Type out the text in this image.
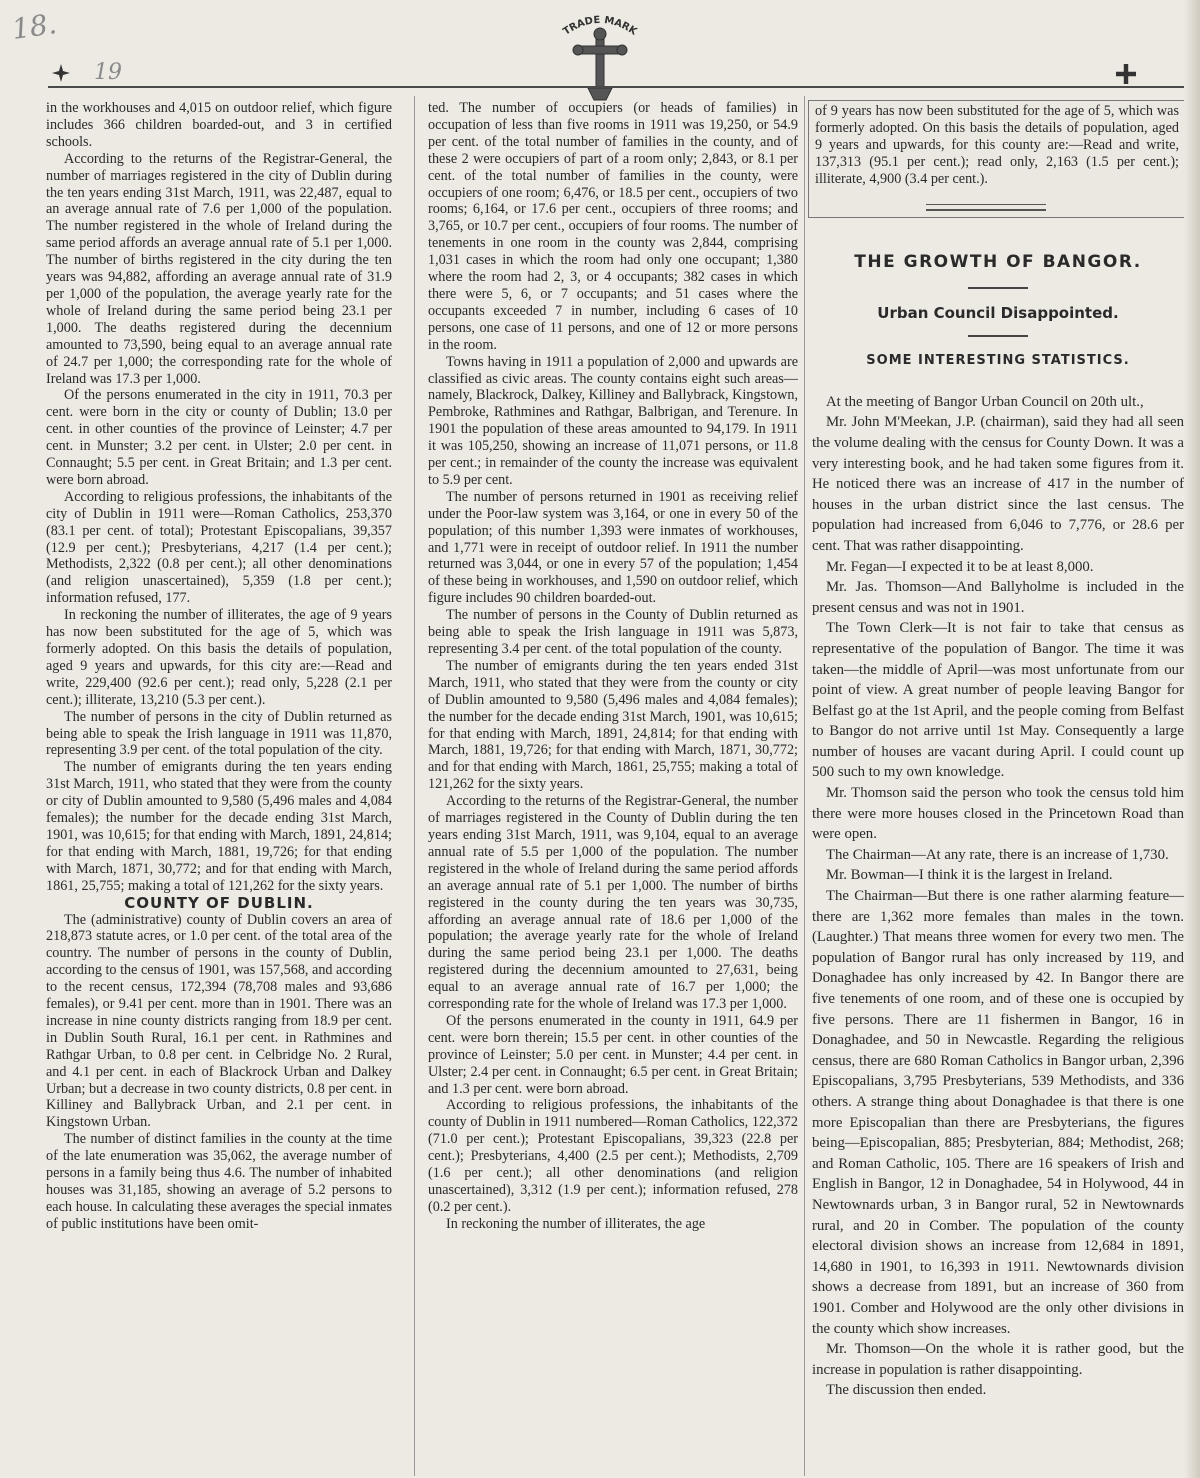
18.
19
TRADE MARK

in the workhouses and 4,015 on outdoor relief, which figure includes 366 children boarded-out, and 3 in certified schools.

According to the returns of the Registrar-General, the number of marriages registered in the city of Dublin during the ten years ending 31st March, 1911, was 22,487, equal to an average annual rate of 7.6 per 1,000 of the population. The number registered in the whole of Ireland during the same period affords an average annual rate of 5.1 per 1,000. The number of births registered in the city during the ten years was 94,882, affording an average annual rate of 31.9 per 1,000 of the population, the average yearly rate for the whole of Ireland during the same period being 23.1 per 1,000. The deaths registered during the decennium amounted to 73,590, being equal to an average annual rate of 24.7 per 1,000; the corresponding rate for the whole of Ireland was 17.3 per 1,000.

Of the persons enumerated in the city in 1911, 70.3 per cent. were born in the city or county of Dublin; 13.0 per cent. in other counties of the province of Leinster; 4.7 per cent. in Munster; 3.2 per cent. in Ulster; 2.0 per cent. in Connaught; 5.5 per cent. in Great Britain; and 1.3 per cent. were born abroad.

According to religious professions, the inhabitants of the city of Dublin in 1911 were—Roman Catholics, 253,370 (83.1 per cent. of total); Protestant Episcopalians, 39,357 (12.9 per cent.); Presbyterians, 4,217 (1.4 per cent.); Methodists, 2,322 (0.8 per cent.); all other denominations (and religion unascertained), 5,359 (1.8 per cent.); information refused, 177.

In reckoning the number of illiterates, the age of 9 years has now been substituted for the age of 5, which was formerly adopted. On this basis the details of population, aged 9 years and upwards, for this city are:—Read and write, 229,400 (92.6 per cent.); read only, 5,228 (2.1 per cent.); illiterate, 13,210 (5.3 per cent.).

The number of persons in the city of Dublin returned as being able to speak the Irish language in 1911 was 11,870, representing 3.9 per cent. of the total population of the city.

The number of emigrants during the ten years ending 31st March, 1911, who stated that they were from the county or city of Dublin amounted to 9,580 (5,496 males and 4,084 females); the number for the decade ending 31st March, 1901, was 10,615; for that ending with March, 1891, 24,814; for that ending with March, 1881, 19,726; for that ending with March, 1871, 30,772; and for that ending with March, 1861, 25,755; making a total of 121,262 for the sixty years.

COUNTY OF DUBLIN.

The (administrative) county of Dublin covers an area of 218,873 statute acres, or 1.0 per cent. of the total area of the country. The number of persons in the county of Dublin, according to the census of 1901, was 157,568, and according to the recent census, 172,394 (78,708 males and 93,686 females), or 9.41 per cent. more than in 1901. There was an increase in nine county districts ranging from 18.9 per cent. in Dublin South Rural, 16.1 per cent. in Rathmines and Rathgar Urban, to 0.8 per cent. in Celbridge No. 2 Rural, and 4.1 per cent. in each of Blackrock Urban and Dalkey Urban; but a decrease in two county districts, 0.8 per cent. in Killiney and Ballybrack Urban, and 2.1 per cent. in Kingstown Urban.

The number of distinct families in the county at the time of the late enumeration was 35,062, the average number of persons in a family being thus 4.6. The number of inhabited houses was 31,185, showing an average of 5.2 persons to each house. In calculating these averages the special inmates of public institutions have been omit-

ted. The number of occupiers (or heads of families) in occupation of less than five rooms in 1911 was 19,250, or 54.9 per cent. of the total number of families in the county, and of these 2 were occupiers of part of a room only; 2,843, or 8.1 per cent. of the total number of families in the county, were occupiers of one room; 6,476, or 18.5 per cent., occupiers of two rooms; 6,164, or 17.6 per cent., occupiers of three rooms; and 3,765, or 10.7 per cent., occupiers of four rooms. The number of tenements in one room in the county was 2,844, comprising 1,031 cases in which the room had only one occupant; 1,380 where the room had 2, 3, or 4 occupants; 382 cases in which there were 5, 6, or 7 occupants; and 51 cases where the occupants exceeded 7 in number, including 6 cases of 10 persons, one case of 11 persons, and one of 12 or more persons in the room.

Towns having in 1911 a population of 2,000 and upwards are classified as civic areas. The county contains eight such areas—namely, Blackrock, Dalkey, Killiney and Ballybrack, Kingstown, Pembroke, Rathmines and Rathgar, Balbrigan, and Terenure. In 1901 the population of these areas amounted to 94,179. In 1911 it was 105,250, showing an increase of 11,071 persons, or 11.8 per cent.; in remainder of the county the increase was equivalent to 5.9 per cent.

The number of persons returned in 1901 as receiving relief under the Poor-law system was 3,164, or one in every 50 of the population; of this number 1,393 were inmates of workhouses, and 1,771 were in receipt of outdoor relief. In 1911 the number returned was 3,044, or one in every 57 of the population; 1,454 of these being in workhouses, and 1,590 on outdoor relief, which figure includes 90 children boarded-out.

The number of persons in the County of Dublin returned as being able to speak the Irish language in 1911 was 5,873, representing 3.4 per cent. of the total population of the county.

The number of emigrants during the ten years ended 31st March, 1911, who stated that they were from the county or city of Dublin amounted to 9,580 (5,496 males and 4,084 females); the number for the decade ending 31st March, 1901, was 10,615; for that ending with March, 1891, 24,814; for that ending with March, 1881, 19,726; for that ending with March, 1871, 30,772; and for that ending with March, 1861, 25,755; making a total of 121,262 for the sixty years.

According to the returns of the Registrar-General, the number of marriages registered in the County of Dublin during the ten years ending 31st March, 1911, was 9,104, equal to an average annual rate of 5.5 per 1,000 of the population. The number registered in the whole of Ireland during the same period affords an average annual rate of 5.1 per 1,000. The number of births registered in the county during the ten years was 30,735, affording an average annual rate of 18.6 per 1,000 of the population; the average yearly rate for the whole of Ireland during the same period being 23.1 per 1,000. The deaths registered during the decennium amounted to 27,631, being equal to an average annual rate of 16.7 per 1,000; the corresponding rate for the whole of Ireland was 17.3 per 1,000.

Of the persons enumerated in the county in 1911, 64.9 per cent. were born therein; 15.5 per cent. in other counties of the province of Leinster; 5.0 per cent. in Munster; 4.4 per cent. in Ulster; 2.4 per cent. in Connaught; 6.5 per cent. in Great Britain; and 1.3 per cent. were born abroad.

According to religious professions, the inhabitants of the county of Dublin in 1911 numbered—Roman Catholics, 122,372 (71.0 per cent.); Protestant Episcopalians, 39,323 (22.8 per cent.); Presbyterians, 4,400 (2.5 per cent.); Methodists, 2,709 (1.6 per cent.); all other denominations (and religion unascertained), 3,312 (1.9 per cent.); information refused, 278 (0.2 per cent.).

In reckoning the number of illiterates, the age

of 9 years has now been substituted for the age of 5, which was formerly adopted. On this basis the details of population, aged 9 years and upwards, for this county are:—Read and write, 137,313 (95.1 per cent.); read only, 2,163 (1.5 per cent.); illiterate, 4,900 (3.4 per cent.).

THE GROWTH OF BANGOR.
Urban Council Disappointed.
SOME INTERESTING STATISTICS.

At the meeting of Bangor Urban Council on 20th ult.,

Mr. John M'Meekan, J.P. (chairman), said they had all seen the volume dealing with the census for County Down. It was a very interesting book, and he had taken some figures from it. He noticed there was an increase of 417 in the number of houses in the urban district since the last census. The population had increased from 6,046 to 7,776, or 28.6 per cent. That was rather disappointing.

Mr. Fegan—I expected it to be at least 8,000.

Mr. Jas. Thomson—And Ballyholme is included in the present census and was not in 1901.

The Town Clerk—It is not fair to take that census as representative of the population of Bangor. The time it was taken—the middle of April—was most unfortunate from our point of view. A great number of people leaving Bangor for Belfast go at the 1st April, and the people coming from Belfast to Bangor do not arrive until 1st May. Consequently a large number of houses are vacant during April. I could count up 500 such to my own knowledge.

Mr. Thomson said the person who took the census told him there were more houses closed in the Princetown Road than were open.

The Chairman—At any rate, there is an increase of 1,730.

Mr. Bowman—I think it is the largest in Ireland.

The Chairman—But there is one rather alarming feature—there are 1,362 more females than males in the town. (Laughter.) That means three women for every two men. The population of Bangor rural has only increased by 119, and Donaghadee has only increased by 42. In Bangor there are five tenements of one room, and of these one is occupied by five persons. There are 11 fishermen in Bangor, 16 in Donaghadee, and 50 in Newcastle. Regarding the religious census, there are 680 Roman Catholics in Bangor urban, 2,396 Episcopalians, 3,795 Presbyterians, 539 Methodists, and 336 others. A strange thing about Donaghadee is that there is one more Episcopalian than there are Presbyterians, the figures being—Episcopalian, 885; Presbyterian, 884; Methodist, 268; and Roman Catholic, 105. There are 16 speakers of Irish and English in Bangor, 12 in Donaghadee, 54 in Holywood, 44 in Newtownards urban, 3 in Bangor rural, 52 in Newtownards rural, and 20 in Comber. The population of the county electoral division shows an increase from 12,684 in 1891, 14,680 in 1901, to 16,393 in 1911. Newtownards division shows a decrease from 1891, but an increase of 360 from 1901. Comber and Holywood are the only other divisions in the county which show increases.

Mr. Thomson—On the whole it is rather good, but the increase in population is rather disappointing.

The discussion then ended.
